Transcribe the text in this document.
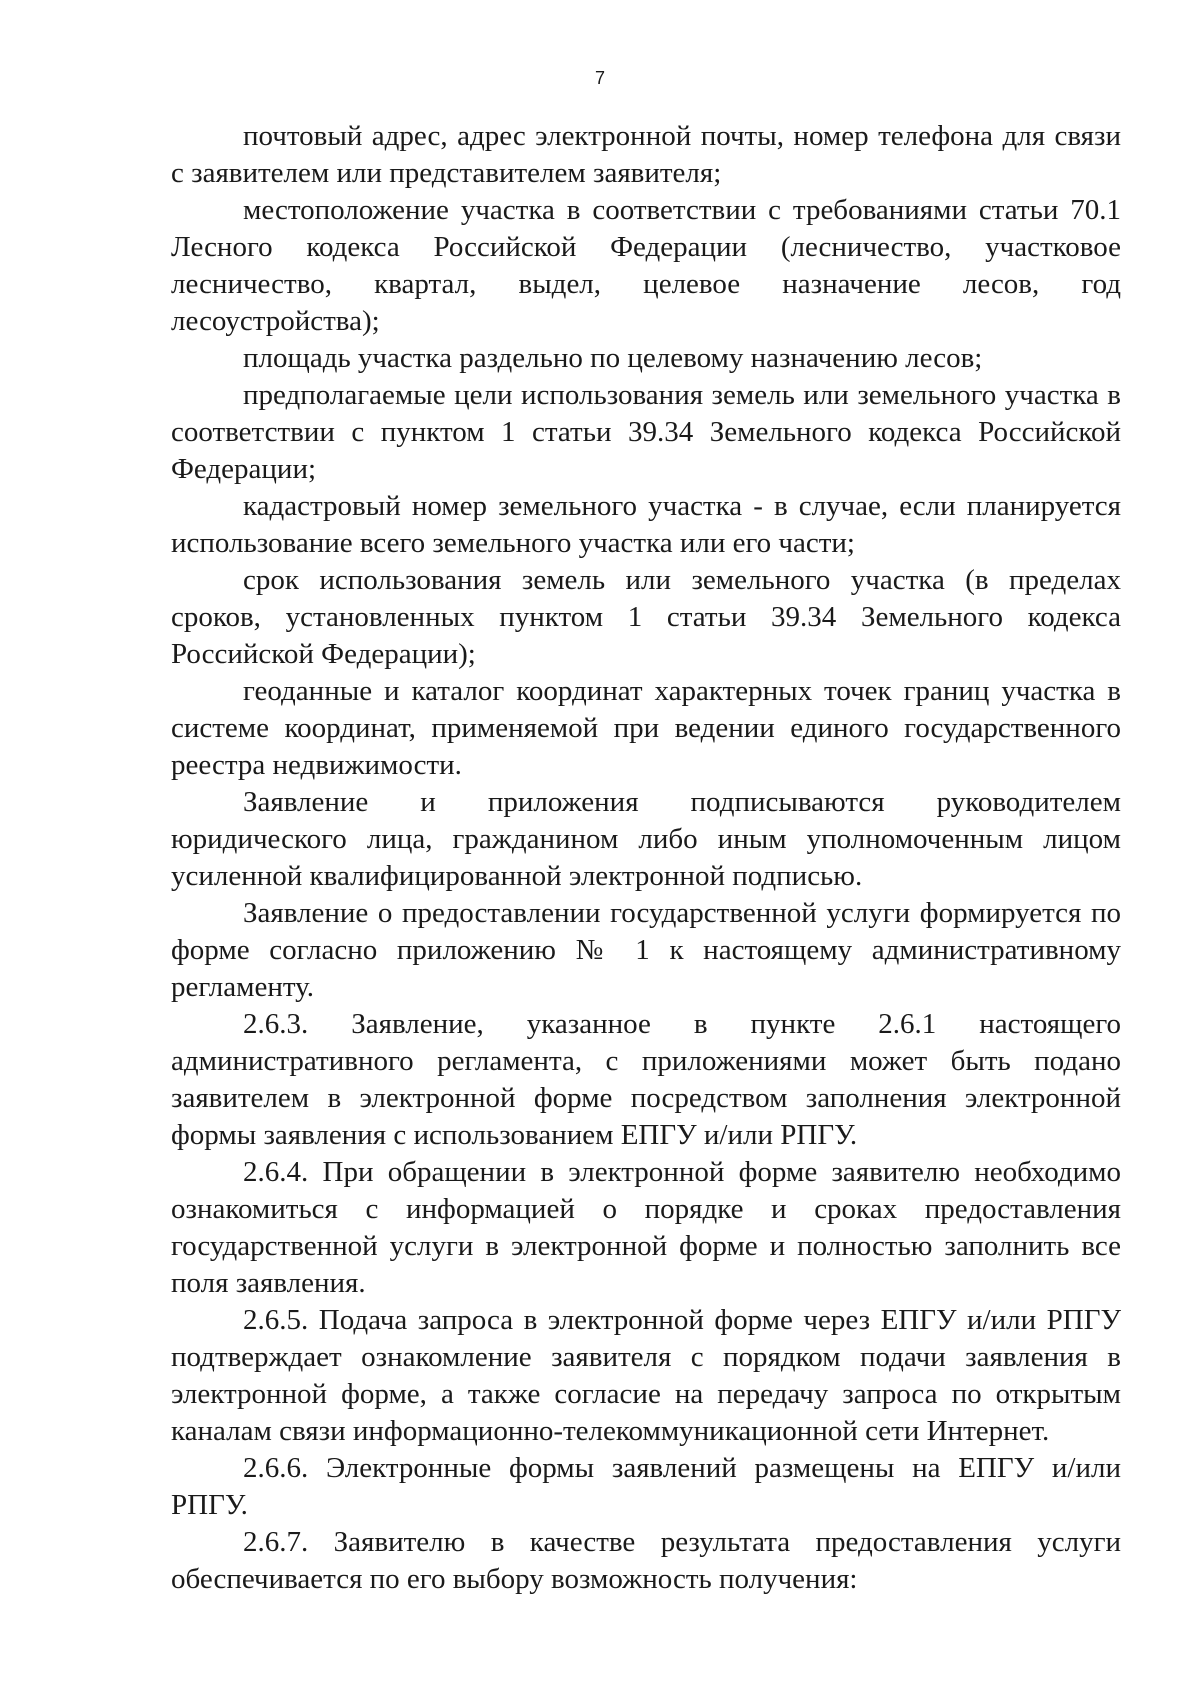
7

почтовый адрес, адрес электронной почты, номер телефона для связи с заявителем или представителем заявителя;

местоположение участка в соответствии с требованиями статьи 70.1 Лесного кодекса Российской Федерации (лесничество, участковое лесничество, квартал, выдел, целевое назначение лесов, год лесоустройства);

площадь участка раздельно по целевому назначению лесов;

предполагаемые цели использования земель или земельного участка в соответствии с пунктом 1 статьи 39.34 Земельного кодекса Российской Федерации;

кадастровый номер земельного участка - в случае, если планируется использование всего земельного участка или его части;

срок использования земель или земельного участка (в пределах сроков, установленных пунктом 1 статьи 39.34 Земельного кодекса Российской Федерации);

геоданные и каталог координат характерных точек границ участка в системе координат, применяемой при ведении единого государственного реестра недвижимости.

Заявление и приложения подписываются руководителем юридического лица, гражданином либо иным уполномоченным лицом усиленной квалифицированной электронной подписью.

Заявление о предоставлении государственной услуги формируется по форме согласно приложению № 1 к настоящему административному регламенту.

2.6.3. Заявление, указанное в пункте 2.6.1 настоящего административного регламента, с приложениями может быть подано заявителем в электронной форме посредством заполнения электронной формы заявления с использованием ЕПГУ и/или РПГУ.

2.6.4. При обращении в электронной форме заявителю необходимо ознакомиться с информацией о порядке и сроках предоставления государственной услуги в электронной форме и полностью заполнить все поля заявления.

2.6.5. Подача запроса в электронной форме через ЕПГУ и/или РПГУ подтверждает ознакомление заявителя с порядком подачи заявления в электронной форме, а также согласие на передачу запроса по открытым каналам связи информационно-телекоммуникационной сети Интернет.

2.6.6. Электронные формы заявлений размещены на ЕПГУ и/или РПГУ.

2.6.7. Заявителю в качестве результата предоставления услуги обеспечивается по его выбору возможность получения:
